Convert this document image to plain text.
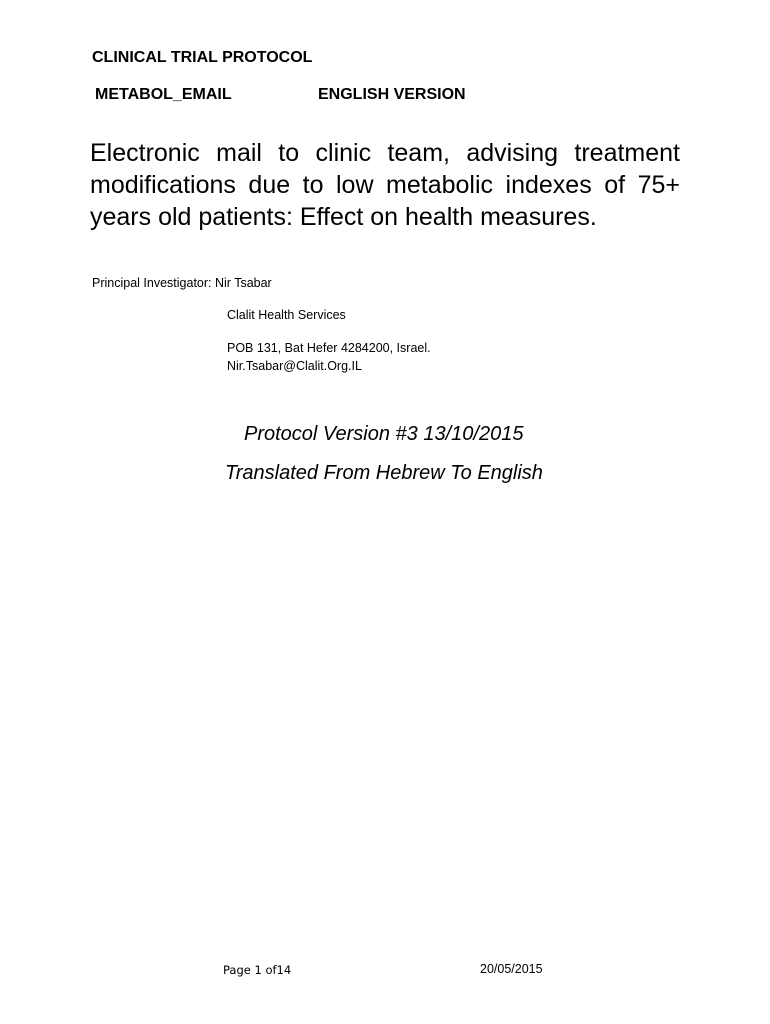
CLINICAL TRIAL PROTOCOL
METABOL_EMAIL	ENGLISH VERSION
Electronic mail to clinic team, advising treatment modifications due to low metabolic indexes of 75+ years old patients: Effect on health measures.
Principal Investigator: Nir Tsabar
Clalit Health Services
POB 131, Bat Hefer 4284200, Israel.
Nir.Tsabar@Clalit.Org.IL
Protocol Version #3 13/10/2015
Translated From Hebrew To English
Page 1 of14	20/05/2015
